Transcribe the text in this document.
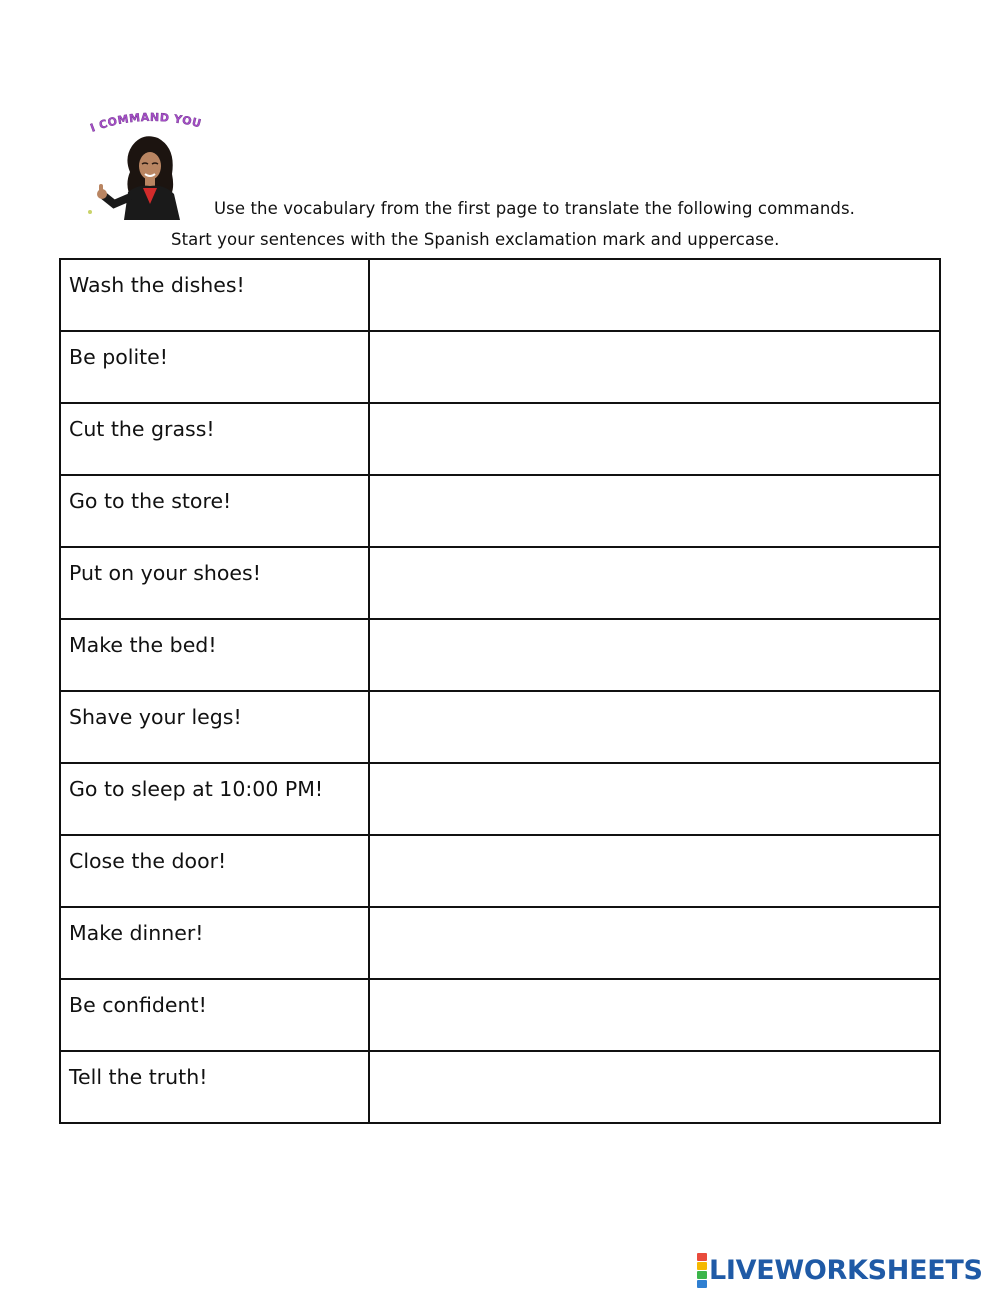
I COMMAND YOU
Use the vocabulary from the first page to translate the following commands.
Start your sentences with the Spanish exclamation mark and uppercase.
Wash the dishes!	

Be polite!	

Cut the grass!	

Go to the store!	

Put on your shoes!	

Make the bed!	

Shave your legs!	

Go to sleep at 10:00 PM!	

Close the door!	

Make dinner!	

Be confident!	

Tell the truth!	

LIVEWORKSHEETS
